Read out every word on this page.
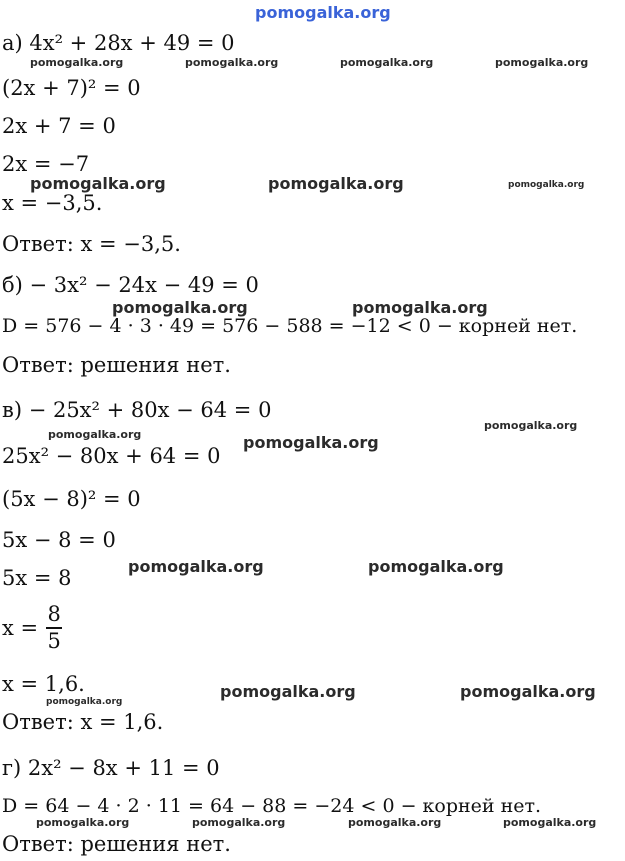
pomogalka.org
а) 4x² + 28x + 49 = 0
(2x + 7)² = 0
2x + 7 = 0
2x = −7
x = −3,5.
Ответ: x = −3,5.
б) − 3x² − 24x − 49 = 0
D = 576 − 4 · 3 · 49 = 576 − 588 = −12 < 0 − корней нет.
Ответ: решения нет.
в) − 25x² + 80x − 64 = 0
25x² − 80x + 64 = 0
(5x − 8)² = 0
5x − 8 = 0
5x = 8
$x = \frac{8}{5}$
x = 1,6.
Ответ: x = 1,6.
г) 2x² − 8x + 11 = 0
D = 64 − 4 · 2 · 11 = 64 − 88 = −24 < 0 − корней нет.
Ответ: решения нет.
pomogalka.org	pomogalka.org	pomogalka.org	pomogalka.org
pomogalka.org	pomogalka.org	pomogalka.org
pomogalka.org	pomogalka.org
pomogalka.org	pomogalka.org
pomogalka.org
pomogalka.org	pomogalka.org
pomogalka.org	pomogalka.org
pomogalka.org
pomogalka.org	pomogalka.org	pomogalka.org	pomogalka.org
